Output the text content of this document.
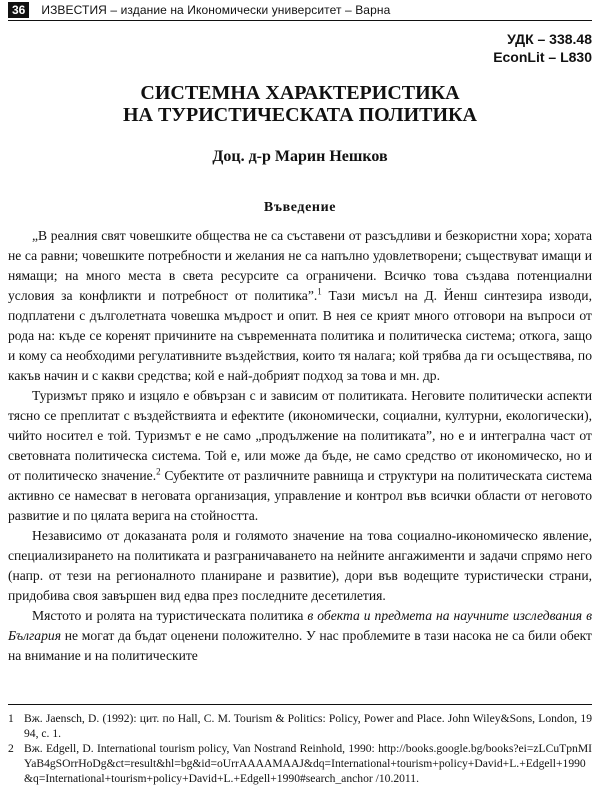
36	ИЗВЕСТИЯ – издание на Икономически университет – Варна
УДК – 338.48
EconLit – L830
СИСТЕМНА ХАРАКТЕРИСТИКА
НА ТУРИСТИЧЕСКАТА ПОЛИТИКА
Доц. д-р Марин Нешков
Въведение

„В реалния свят човешките общества не са съставени от разсъдливи и безкористни хора; хората не са равни; човешките потребности и желания не са напълно удовлетворени; съществуват имащи и нямащи; на много места в света ресурсите са ограничени. Всичко това създава потенциални условия за конфликти и потребност от политика”.$^1$ Тази мисъл на Д. Йенш синтезира изводи, подплатени с дълголетната човешка мъдрост и опит. В нея се крият много отговори на въпроси от рода на: къде се коренят причините на съвременната политика и политическа система; откога, защо и кому са необходими регулативните въздействия, които тя налага; кой трябва да ги осъществява, по какъв начин и с какви средства; кой е най-добрият подход за това и мн. др.

Туризмът пряко и изцяло е обвързан с и зависим от политиката. Неговите политически аспекти тясно се преплитат с въздействията и ефектите (икономически, социални, културни, екологически), чийто носител е той. Туризмът е не само „продължение на политиката”, но е и интегрална част от световната политическа система. Той е, или може да бъде, не само средство от икономическо, но и от политическо значение.$^2$ Субектите от различните равнища и структури на политическата система активно се намесват в неговата организация, управление и контрол във всички области от неговото развитие и по цялата верига на стойността.

Независимо от доказаната роля и голямото значение на това социално-икономическо явление, специализирането на политиката и разграничаването на нейните ангажименти и задачи спрямо него (напр. от тези на регионалното планиране и развитие), дори във водещите туристически страни, придобива своя завършен вид едва през последните десетилетия.

Мястото и ролята на туристическата политика в обекта и предмета на научните изследвания в България не могат да бъдат оценени положително. У нас проблемите в тази насока не са били обект на внимание и на политическите

1 Вж. Jaensch, D. (1992): цит. по Hall, C. M. Tourism & Politics: Policy, Power and Place. John Wiley&Sons, London, 1994, с. 1.
2 Вж. Edgell, D. International tourism policy, Van Nostrand Reinhold, 1990: http://books.google.bg/books?ei=zLCuTpnMIYaB4gSOrrHoDg&ct=result&hl=bg&id=oUrrAAAAMAAJ&dq=International+tourism+policy+David+L.+Edgell+1990&q=International+tourism+policy+David+L.+Edgell+1990#search_anchor /10.2011.
